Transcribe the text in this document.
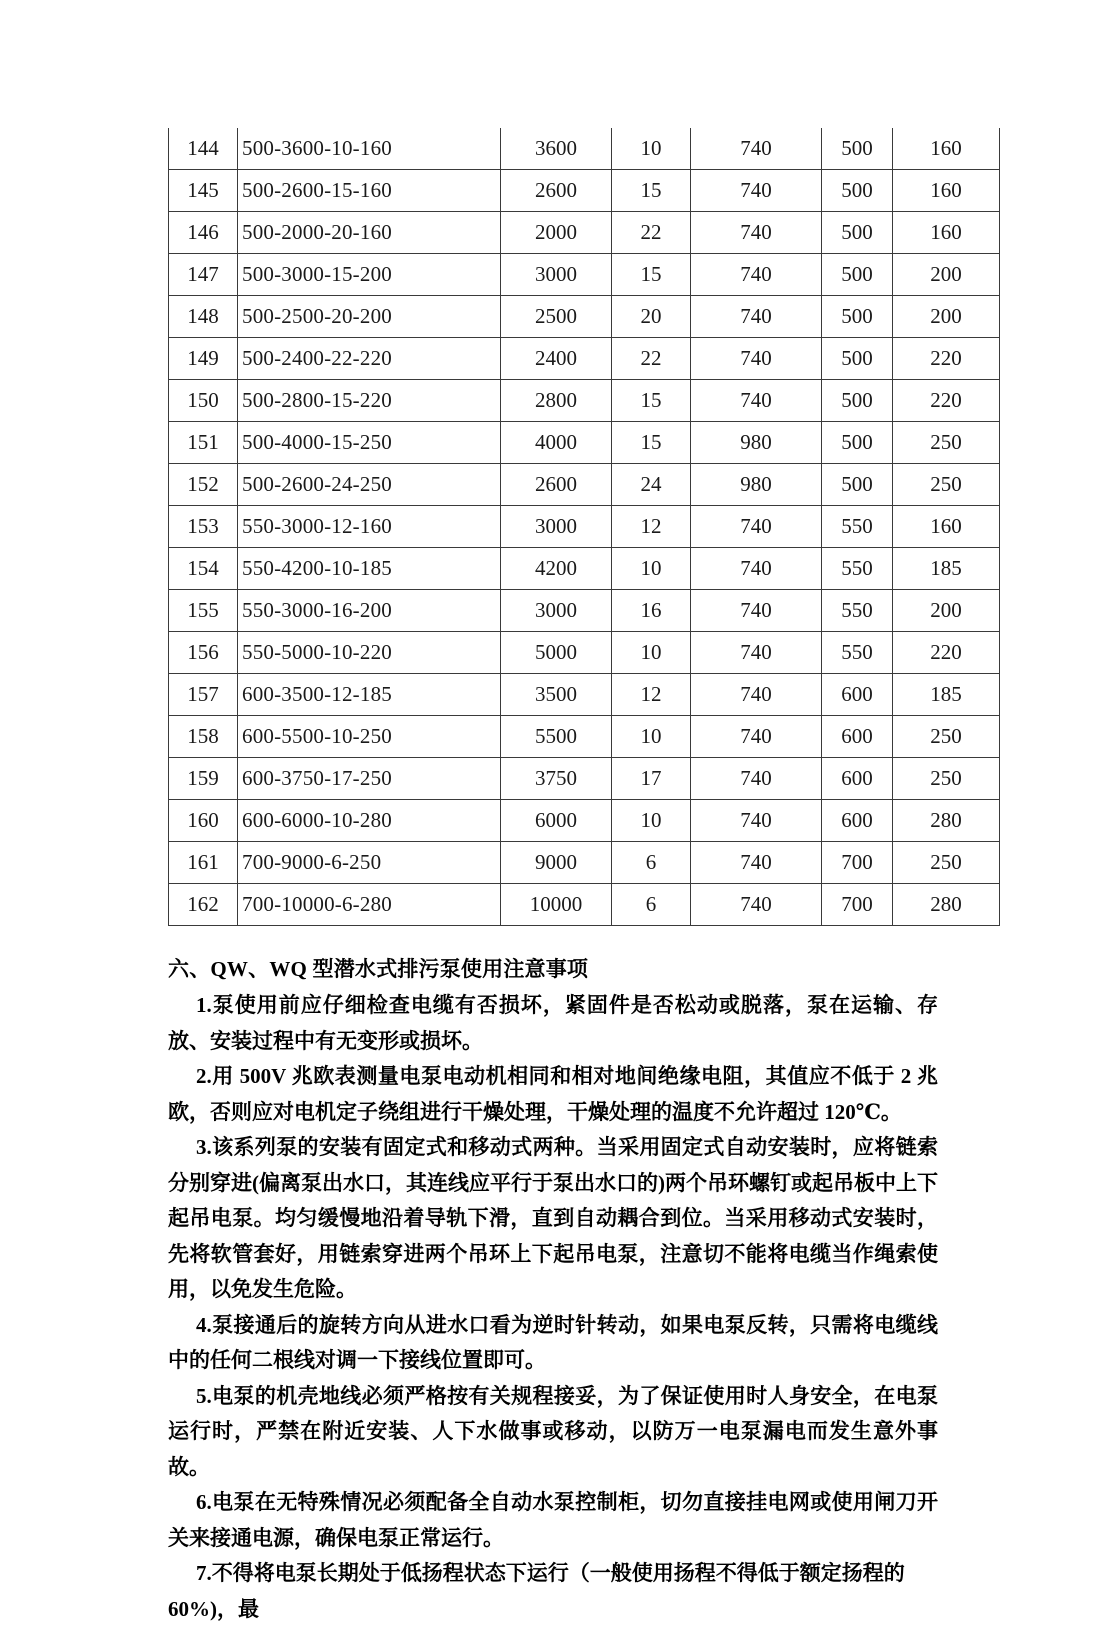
144	500-3600-10-160	3600	10	740	500	160
145	500-2600-15-160	2600	15	740	500	160
146	500-2000-20-160	2000	22	740	500	160
147	500-3000-15-200	3000	15	740	500	200
148	500-2500-20-200	2500	20	740	500	200
149	500-2400-22-220	2400	22	740	500	220
150	500-2800-15-220	2800	15	740	500	220
151	500-4000-15-250	4000	15	980	500	250
152	500-2600-24-250	2600	24	980	500	250
153	550-3000-12-160	3000	12	740	550	160
154	550-4200-10-185	4200	10	740	550	185
155	550-3000-16-200	3000	16	740	550	200
156	550-5000-10-220	5000	10	740	550	220
157	600-3500-12-185	3500	12	740	600	185
158	600-5500-10-250	5500	10	740	600	250
159	600-3750-17-250	3750	17	740	600	250
160	600-6000-10-280	6000	10	740	600	280
161	700-9000-6-250	9000	6	740	700	250
162	700-10000-6-280	10000	6	740	700	280
六、QW、WQ 型潜水式排污泵使用注意事项

1.泵使用前应仔细检查电缆有否损坏，紧固件是否松动或脱落，泵在运输、存放、安装过程中有无变形或损坏。

2.用 500V 兆欧表测量电泵电动机相同和相对地间绝缘电阻，其值应不低于 2 兆欧，否则应对电机定子绕组进行干燥处理，干燥处理的温度不允许超过 120℃。

3.该系列泵的安装有固定式和移动式两种。当采用固定式自动安装时，应将链索分别穿进(偏离泵出水口，其连线应平行于泵出水口的)两个吊环螺钉或起吊板中上下起吊电泵。均匀缓慢地沿着导轨下滑，直到自动耦合到位。当采用移动式安装时，先将软管套好，用链索穿进两个吊环上下起吊电泵，注意切不能将电缆当作绳索使用，以免发生危险。

4.泵接通后的旋转方向从进水口看为逆时针转动，如果电泵反转，只需将电缆线中的任何二根线对调一下接线位置即可。

5.电泵的机壳地线必须严格按有关规程接妥，为了保证使用时人身安全，在电泵运行时，严禁在附近安装、人下水做事或移动，以防万一电泵漏电而发生意外事故。

6.电泵在无特殊情况必须配备全自动水泵控制柜，切勿直接挂电网或使用闸刀开关来接通电源，确保电泵正常运行。

7.不得将电泵长期处于低扬程状态下运行（一般使用扬程不得低于额定扬程的 60%)，最
